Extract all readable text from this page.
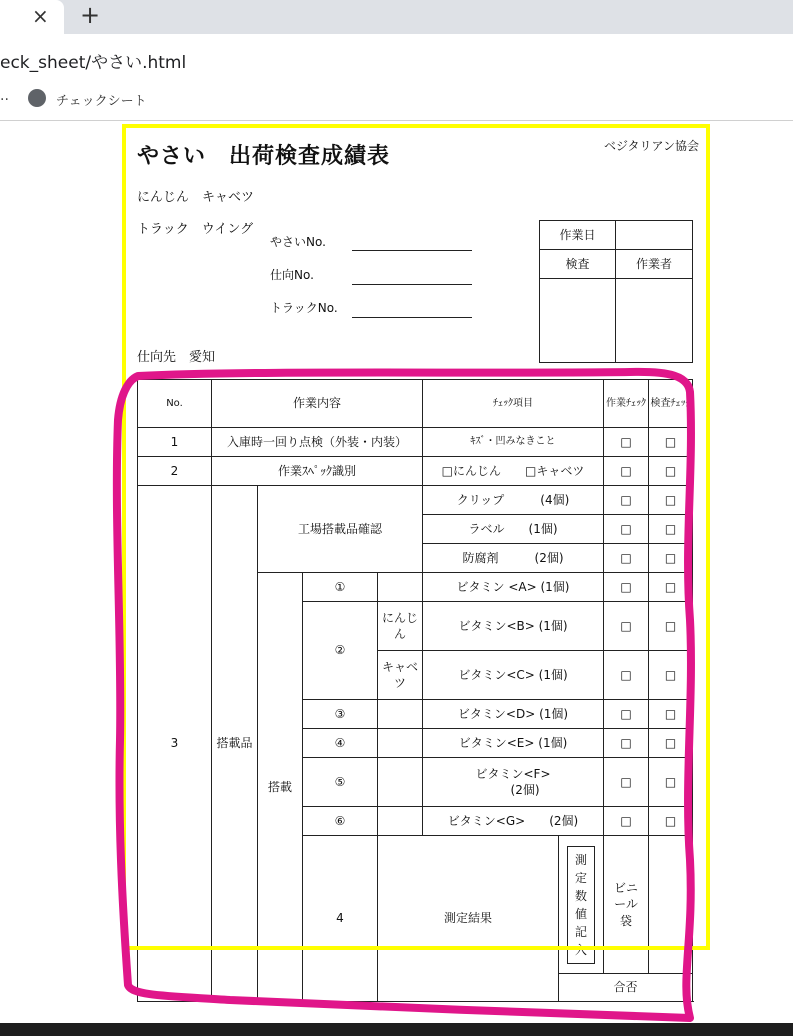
× +
eck_sheet/やさい.html
..	チェックシート
やさい　出荷検査成績表	ベジタリアン協会
にんじん　キャベツ
トラック　ウイング
やさいNo.
仕向No.
トラックNo.
仕向先　愛知
作業日	
検査	作業者

No.	作業内容				ﾁｪｯｸ項目		作業ﾁｪｯｸ	検査ﾁｪｯｸ	
1	入庫時一回り点検（外装・内装）				ｷｽﾞ・凹みなきこと		□	□	
2	作業ｽﾍﾟｯｸ識別				□にんじん　　□キャベツ		□	□	
3	搭載品	工場搭載品確認			クリップ　　　(4個)		□	□	
					ラベル　　(1個)		□	□	
					防腐剤　　　(2個)		□	□	
		搭載	①		ビタミン <A> (1個)		□	□	
			②	にんじん	ビタミン<B> (1個)		□	□	
				キャベツ	ビタミン<C> (1個)		□	□	
			③		ビタミン<D> (1個)		□	□	
			④		ビタミン<E> (1個)		□	□	
			⑤		ビタミン<F>
　　(2個)		□	□	
			⑥		ビタミン<G>　　(2個)		□	□	
			4	測定結果		測定数値記入	ビニール袋				
						合否			
